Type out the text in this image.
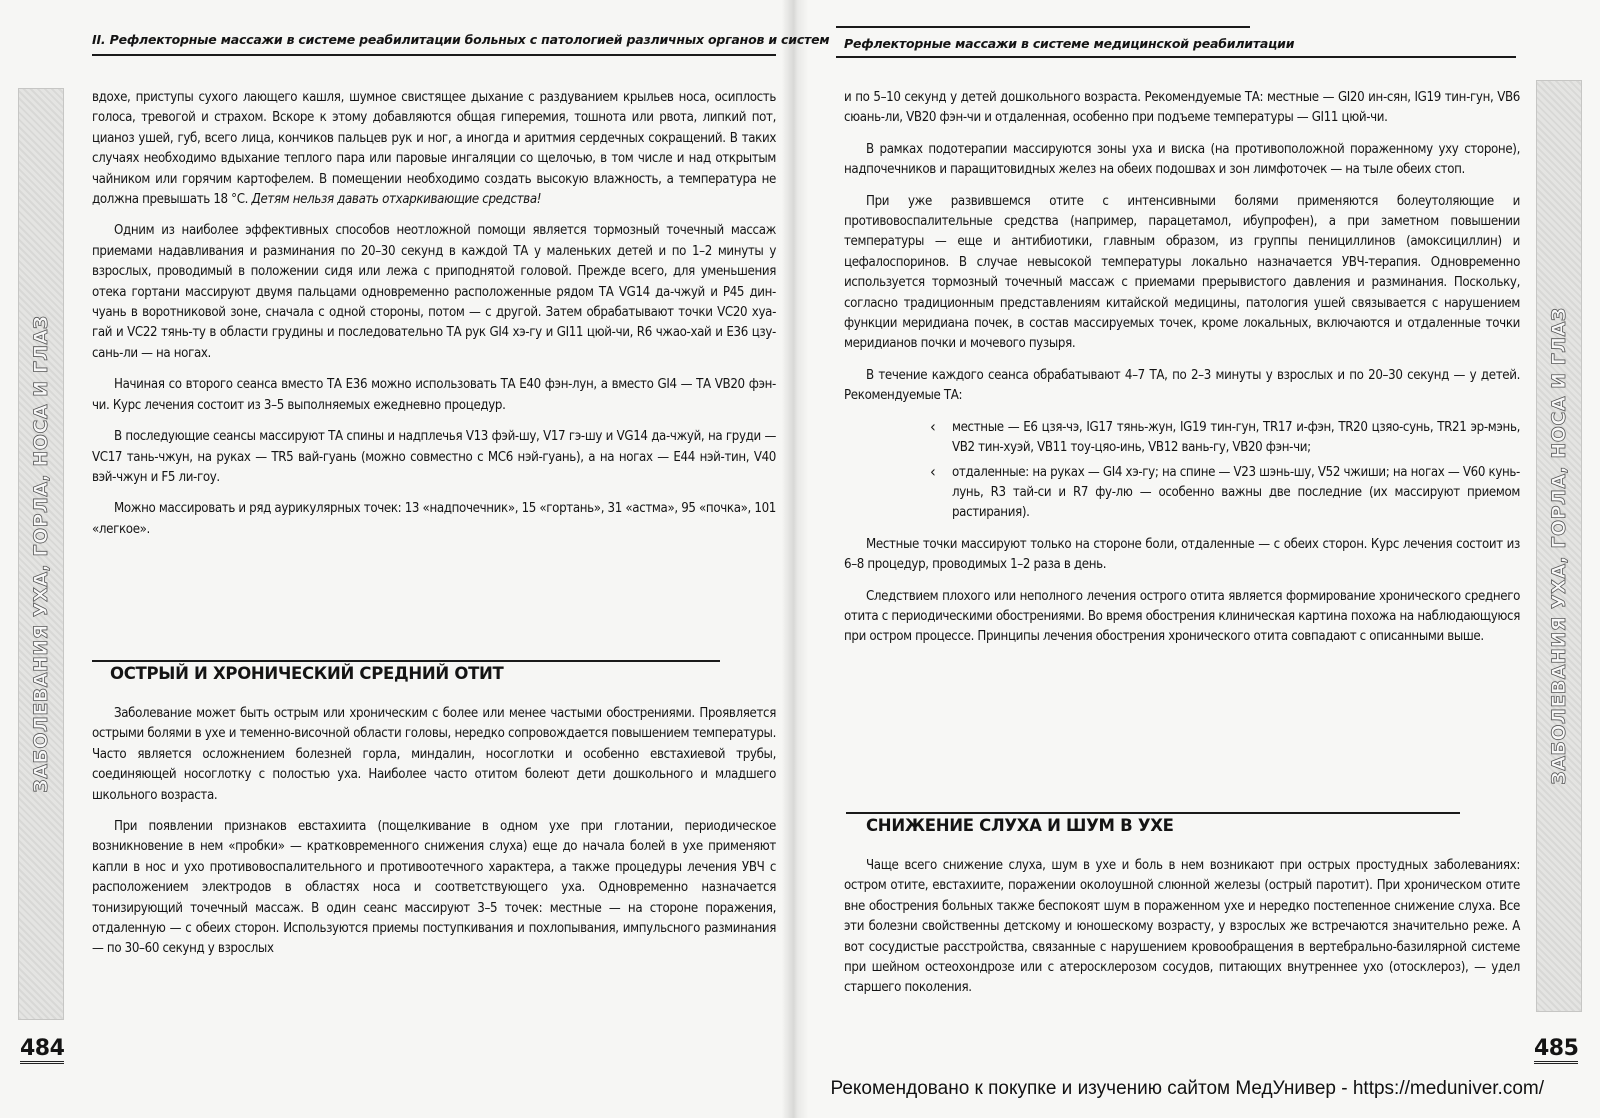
II. Рефлекторные массажи в системе реабилитации больных с патологией различных органов и систем
ЗАБОЛЕВАНИЯ УХА, ГОРЛА, НОСА И ГЛАЗ

вдохе, приступы сухого лающего кашля, шумное свистящее дыхание с раздуванием крыльев носа, осиплость голоса, тревогой и страхом. Вскоре к этому добавляются общая гиперемия, тошнота или рвота, липкий пот, цианоз ушей, губ, всего лица, кончиков пальцев рук и ног, а иногда и аритмия сердечных сокращений. В таких случаях необходимо вдыхание теплого пара или паровые ингаляции со щелочью, в том числе и над открытым чайником или горячим картофелем. В помещении необходимо создать высокую влажность, а температура не должна превышать 18 °С. Детям нельзя давать отхаркивающие средства!

Одним из наиболее эффективных способов неотложной помощи является тормозный точечный массаж приемами надавливания и разминания по 20–30 секунд в каждой ТА у маленьких детей и по 1–2 минуты у взрослых, проводимый в положении сидя или лежа с приподнятой головой. Прежде всего, для уменьшения отека гортани массируют двумя пальцами одновременно расположенные рядом ТА VG14 да-чжуй и P45 дин-чуань в воротниковой зоне, сначала с одной стороны, потом — с другой. Затем обрабатывают точки VC20 хуа-гай и VC22 тянь-ту в области грудины и последовательно ТА рук GI4 хэ-гу и GI11 цюй-чи, R6 чжао-хай и E36 цзу-сань-ли — на ногах.

Начиная со второго сеанса вместо ТА E36 можно использовать ТА E40 фэн-лун, а вместо GI4 — ТА VB20 фэн-чи. Курс лечения состоит из 3–5 выполняемых ежедневно процедур.

В последующие сеансы массируют ТА спины и надплечья V13 фэй-шу, V17 гэ-шу и VG14 да-чжуй, на груди — VC17 тань-чжун, на руках — TR5 вай-гуань (можно совместно с MC6 нэй-гуань), а на ногах — E44 нэй-тин, V40 вэй-чжун и F5 ли-гоу.

Можно массировать и ряд аурикулярных точек: 13 «надпочечник», 15 «гортань», 31 «астма», 95 «почка», 101 «легкое».

ОСТРЫЙ И ХРОНИЧЕСКИЙ СРЕДНИЙ ОТИТ

Заболевание может быть острым или хроническим с более или менее частыми обострениями. Проявляется острыми болями в ухе и теменно-височной области головы, нередко сопровождается повышением температуры. Часто является осложнением болезней горла, миндалин, носоглотки и особенно евстахиевой трубы, соединяющей носоглотку с полостью уха. Наиболее часто отитом болеют дети дошкольного и младшего школьного возраста.

При появлении признаков евстахиита (пощелкивание в одном ухе при глотании, периодическое возникновение в нем «пробки» — кратковременного снижения слуха) еще до начала болей в ухе применяют капли в нос и ухо противовоспалительного и противоотечного характера, а также процедуры лечения УВЧ с расположением электродов в областях носа и соответствующего уха. Одновременно назначается тонизирующий точечный массаж. В один сеанс массируют 3–5 точек: местные — на стороне поражения, отдаленную — с обеих сторон. Используются приемы поступкивания и похлопывания, импульсного разминания — по 30–60 секунд у взрослых

484
Рефлекторные массажи в системе медицинской реабилитации
ЗАБОЛЕВАНИЯ УХА, ГОРЛА, НОСА И ГЛАЗ

и по 5–10 секунд у детей дошкольного возраста. Рекомендуемые ТА: местные — GI20 ин-сян, IG19 тин-гун, VB6 сюань-ли, VB20 фэн-чи и отдаленная, особенно при подъеме температуры — GI11 цюй-чи.

В рамках подотерапии массируются зоны уха и виска (на противоположной пораженному уху стороне), надпочечников и паращитовидных желез на обеих подошвах и зон лимфоточек — на тыле обеих стоп.

При уже развившемся отите с интенсивными болями применяются болеутоляющие и противовоспалительные средства (например, парацетамол, ибупрофен), а при заметном повышении температуры — еще и антибиотики, главным образом, из группы пенициллинов (амоксициллин) и цефалоспоринов. В случае невысокой температуры локально назначается УВЧ-терапия. Одновременно используется тормозный точечный массаж с приемами прерывистого давления и разминания. Поскольку, согласно традиционным представлениям китайской медицины, патология ушей связывается с нарушением функции меридиана почек, в состав массируемых точек, кроме локальных, включаются и отдаленные точки меридианов почки и мочевого пузыря.

В течение каждого сеанса обрабатывают 4–7 ТА, по 2–3 минуты у взрослых и по 20–30 секунд — у детей. Рекомендуемые ТА:

‹ местные — E6 цзя-чэ, IG17 тянь-жун, IG19 тин-гун, TR17 и-фэн, TR20 цзяо-сунь, TR21 эр-мэнь, VB2 тин-хуэй, VB11 тоу-цяо-инь, VB12 вань-гу, VB20 фэн-чи;
‹ отдаленные: на руках — GI4 хэ-гу; на спине — V23 шэнь-шу, V52 чжиши; на ногах — V60 кунь-лунь, R3 тай-си и R7 фу-лю — особенно важны две последние (их массируют приемом растирания).

Местные точки массируют только на стороне боли, отдаленные — с обеих сторон. Курс лечения состоит из 6–8 процедур, проводимых 1–2 раза в день.

Следствием плохого или неполного лечения острого отита является формирование хронического среднего отита с периодическими обострениями. Во время обострения клиническая картина похожа на наблюдающуюся при остром процессе. Принципы лечения обострения хронического отита совпадают с описанными выше.

СНИЖЕНИЕ СЛУХА И ШУМ В УХЕ

Чаще всего снижение слуха, шум в ухе и боль в нем возникают при острых простудных заболеваниях: остром отите, евстахиите, поражении околоушной слюнной железы (острый паротит). При хроническом отите вне обострения больных также беспокоят шум в пораженном ухе и нередко постепенное снижение слуха. Все эти болезни свойственны детскому и юношескому возрасту, у взрослых же встречаются значительно реже. А вот сосудистые расстройства, связанные с нарушением кровообращения в вертебрально-базилярной системе при шейном остеохондрозе или с атеросклерозом сосудов, питающих внутреннее ухо (отосклероз), — удел старшего поколения.

485
Рекомендовано к покупке и изучению сайтом МедУнивер - https://meduniver.com/
